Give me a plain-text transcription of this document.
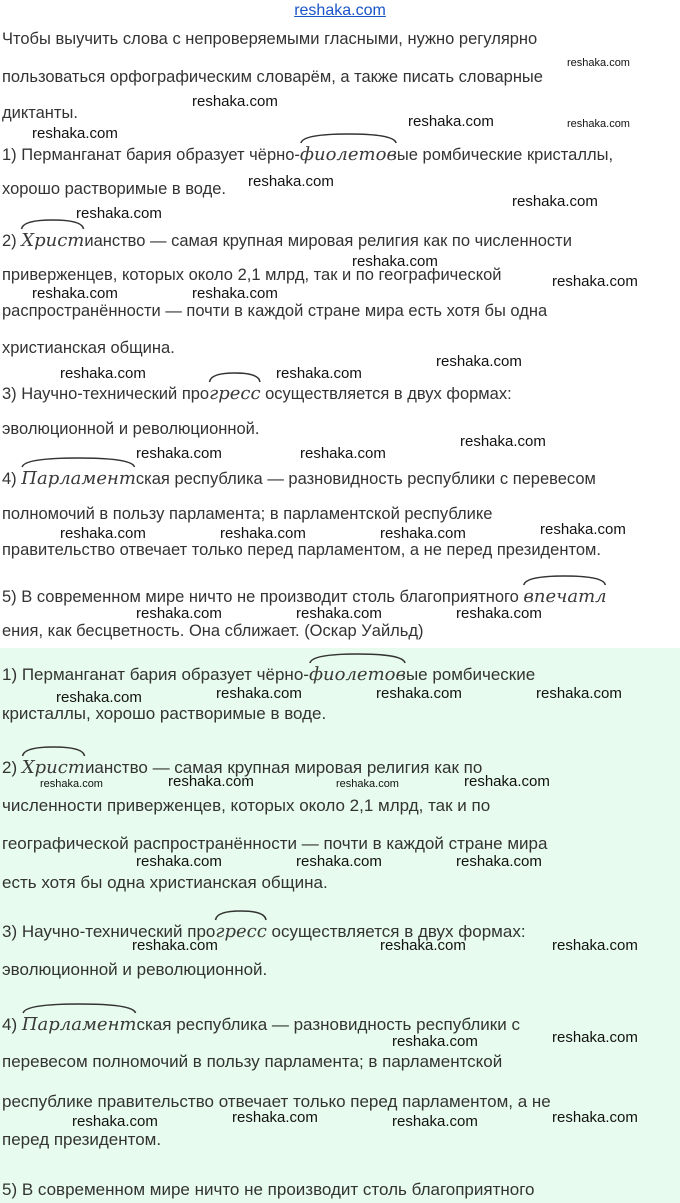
reshaka.com
Чтобы выучить слова с непроверяемыми гласными, нужно регулярно
пользоваться орфографическим словарём, а также писать словарные
диктанты.
1) Перманганат бария образует чёрно-
фиолетовые ромбические кристаллы,
хорошо растворимые в воде.
2)
Христианство — самая крупная мировая религия как по численности
приверженцев, которых около 2,1 млрд, так и по географической
распространённости — почти в каждой стране мира есть хотя бы одна
христианская община.
3) Научно-технический про
гресс осуществляется в двух формах:
эволюционной и революционной.
4)
Парламентская республика — разновидность республики с перевесом
полномочий в пользу парламента; в парламентской республике
правительство отвечает только перед парламентом, а не перед президентом.
5) В современном мире ничто не производит столь благоприятного
впечатл
ения, как бесцветность. Она сближает. (Оскар Уайльд)
1) Перманганат бария образует чёрно-
фиолетовые ромбические
кристаллы, хорошо растворимые в воде.
2)
Христианство — самая крупная мировая религия как по
численности приверженцев, которых около 2,1 млрд, так и по
географической распространённости — почти в каждой стране мира
есть хотя бы одна христианская община.
3) Научно-технический про
гресс осуществляется в двух формах:
эволюционной и революционной.
4)
Парламентская республика — разновидность республики с
перевесом полномочий в пользу парламента; в парламентской
республике правительство отвечает только перед парламентом, а не
перед президентом.
5) В современном мире ничто не производит столь благоприятного
reshaka.com
reshaka.com
reshaka.com
reshaka.com	reshaka.com
reshaka.com
reshaka.com
reshaka.com
reshaka.com
reshaka.com
reshaka.com	reshaka.com
reshaka.com
reshaka.com	reshaka.com
reshaka.com
reshaka.com	reshaka.com
reshaka.com	reshaka.com	reshaka.com	reshaka.com
reshaka.com	reshaka.com	reshaka.com
reshaka.com	reshaka.com	reshaka.com	reshaka.com
reshaka.com	reshaka.com	reshaka.com	reshaka.com
reshaka.com	reshaka.com	reshaka.com
reshaka.com	reshaka.com	reshaka.com
reshaka.com	reshaka.com
reshaka.com	reshaka.com	reshaka.com	reshaka.com
